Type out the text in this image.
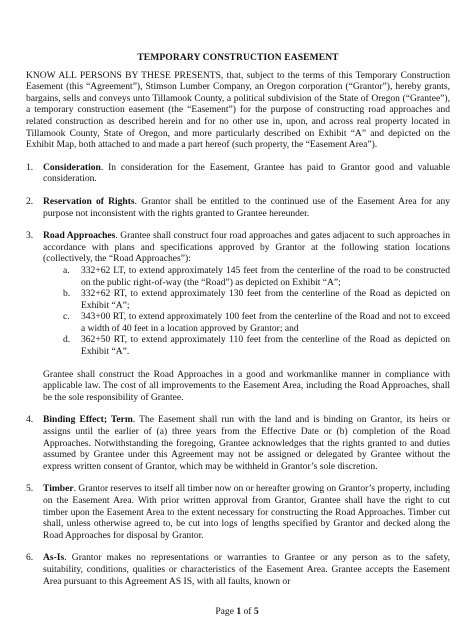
TEMPORARY CONSTRUCTION EASEMENT
KNOW ALL PERSONS BY THESE PRESENTS, that, subject to the terms of this Temporary Construction Easement (this “Agreement”), Stimson Lumber Company, an Oregon corporation (“Grantor”), hereby grants, bargains, sells and conveys unto Tillamook County, a political subdivision of the State of Oregon (“Grantee”), a temporary construction easement (the “Easement”) for the purpose of constructing road approaches and related construction as described herein and for no other use in, upon, and across real property located in Tillamook County, State of Oregon, and more particularly described on Exhibit “A” and depicted on the Exhibit Map, both attached to and made a part hereof (such property, the “Easement Area”).
1. Consideration. In consideration for the Easement, Grantee has paid to Grantor good and valuable consideration.
2. Reservation of Rights. Grantor shall be entitled to the continued use of the Easement Area for any purpose not inconsistent with the rights granted to Grantee hereunder.
3. Road Approaches. Grantee shall construct four road approaches and gates adjacent to such approaches in accordance with plans and specifications approved by Grantor at the following station locations (collectively, the “Road Approaches”):
a. 332+62 LT, to extend approximately 145 feet from the centerline of the road to be constructed on the public right-of-way (the “Road”) as depicted on Exhibit “A”;
b. 332+62 RT, to extend approximately 130 feet from the centerline of the Road as depicted on Exhibit “A”;
c. 343+00 RT, to extend approximately 100 feet from the centerline of the Road and not to exceed a width of 40 feet in a location approved by Grantor; and
d. 362+50 RT, to extend approximately 110 feet from the centerline of the Road as depicted on Exhibit “A”.
Grantee shall construct the Road Approaches in a good and workmanlike manner in compliance with applicable law. The cost of all improvements to the Easement Area, including the Road Approaches, shall be the sole responsibility of Grantee.
4. Binding Effect; Term. The Easement shall run with the land and is binding on Grantor, its heirs or assigns until the earlier of (a) three years from the Effective Date or (b) completion of the Road Approaches. Notwithstanding the foregoing, Grantee acknowledges that the rights granted to and duties assumed by Grantee under this Agreement may not be assigned or delegated by Grantee without the express written consent of Grantor, which may be withheld in Grantor’s sole discretion.
5. Timber. Grantor reserves to itself all timber now on or hereafter growing on Grantor’s property, including on the Easement Area. With prior written approval from Grantor, Grantee shall have the right to cut timber upon the Easement Area to the extent necessary for constructing the Road Approaches. Timber cut shall, unless otherwise agreed to, be cut into logs of lengths specified by Grantor and decked along the Road Approaches for disposal by Grantor.
6. As-Is. Grantor makes no representations or warranties to Grantee or any person as to the safety, suitability, conditions, qualities or characteristics of the Easement Area. Grantee accepts the Easement Area pursuant to this Agreement AS IS, with all faults, known or
Page 1 of 5
